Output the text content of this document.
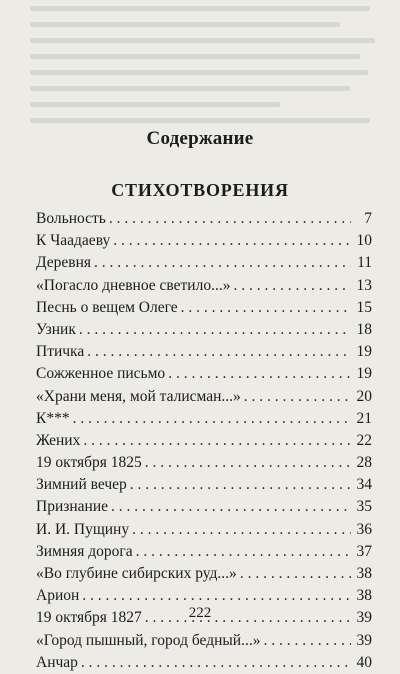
Содержание
СТИХОТВОРЕНИЯ
Вольность . . .	7
К Чаадаеву . . .	10
Деревня . . .	11
«Погасло дневное светило...» . . .	13
Песнь о вещем Олеге . . .	15
Узник . . .	18
Птичка . . .	19
Сожженное письмо . . .	19
«Храни меня, мой талисман...» . . .	20
К*** . . .	21
Жених . . .	22
19 октября 1825 . . .	28
Зимний вечер . . .	34
Признание . . .	35
И. И. Пущину . . .	36
Зимняя дорога . . .	37
«Во глубине сибирских руд...» . . .	38
Арион . . .	38
19 октября 1827 . . .	39
«Город пышный, город бедный...» . . .	39
Анчар . . .	40
222
